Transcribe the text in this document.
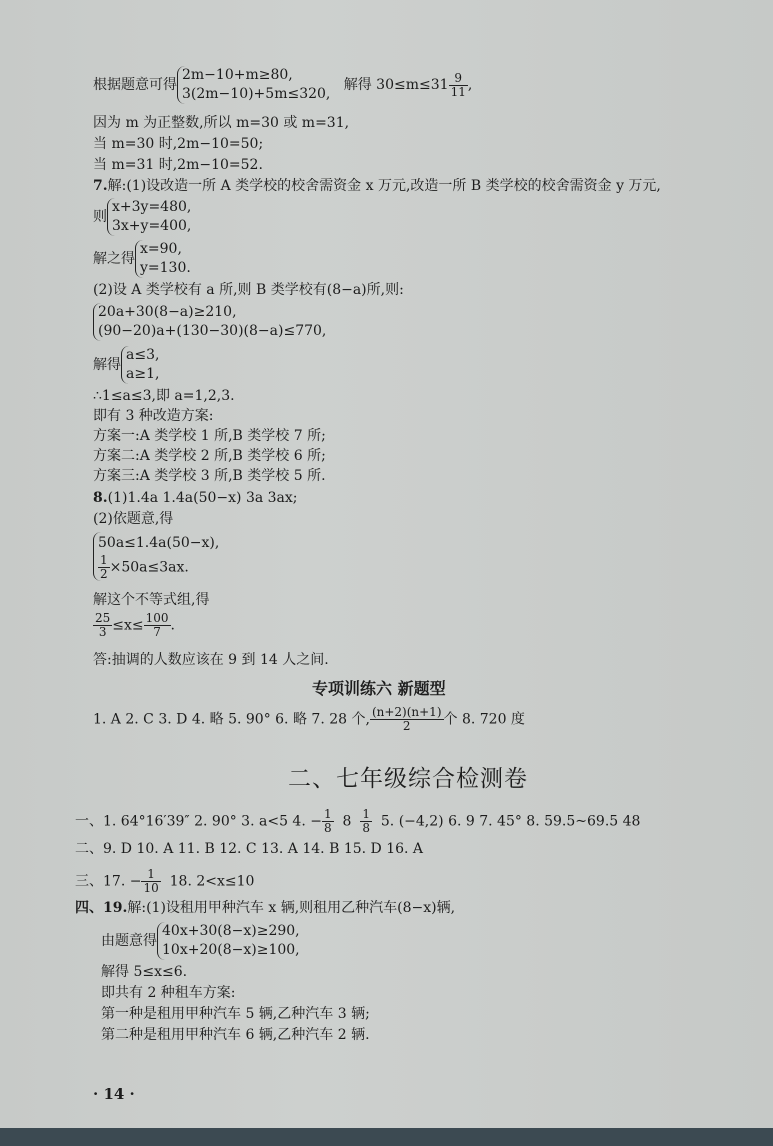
根据题意可得2m−10+m≥80,
3(2m−10)+5m≤320,   解得 $30\le m\le 31 \frac{9}{11}$ ,
因为 m 为正整数,所以 m=30 或 m=31,
当 m=30 时,2m−10=50;
当 m=31 时,2m−10=52.
7.解:(1)设改造一所 A 类学校的校舍需资金 x 万元,改造一所 B 类学校的校舍需资金 y 万元,
则x+3y=480,
3x+y=400,
解之得x=90,
y=130.
(2)设 A 类学校有 a 所,则 B 类学校有(8−a)所,则:
20a+30(8−a)≥210,
(90−20)a+(130−30)(8−a)≤770,
解得a≤3,
a≥1,
∴1≤a≤3,即 a=1,2,3.
即有 3 种改造方案:
方案一:A 类学校 1 所,B 类学校 7 所;
方案二:A 类学校 2 所,B 类学校 6 所;
方案三:A 类学校 3 所,B 类学校 5 所.
8.(1)1.4a 1.4a(50−x) 3a 3ax;
(2)依题意,得
50a≤1.4a(50−x),

$\frac{1}{2} \times 50a\le 3ax$.
解这个不等式组,得
$\frac{25}{3} \le x\le \frac{100}{7}$ .
答:抽调的人数应该在 9 到 14 人之间.
专项训练六 新题型
1. A 2. C 3. D 4. 略 5. 90° 6. 略 7. 28 个, $\frac{(n+2)(n+1)}{2}$ 个 8. 720 度
二、七年级综合检测卷
一、1. 64°16′39″ 2. 90° 3. a<5 4. − $\frac{1}{8} 8 \frac{1}{8} 5$. (−4,2) 6. 9 7. 45° 8. 59.5~69.5 48
二、9. D 10. A 11. B 12. C 13. A 14. B 15. D 16. A
三、17. − $\frac{1}{10} 18$. 2<x≤10
四、19.解:(1)设租用甲种汽车 x 辆,则租用乙种汽车(8−x)辆,
由题意得40x+30(8−x)≥290,
10x+20(8−x)≥100,
解得 5≤x≤6.
即共有 2 种租车方案:
第一种是租用甲种汽车 5 辆,乙种汽车 3 辆;
第二种是租用甲种汽车 6 辆,乙种汽车 2 辆.
· 14 ·
